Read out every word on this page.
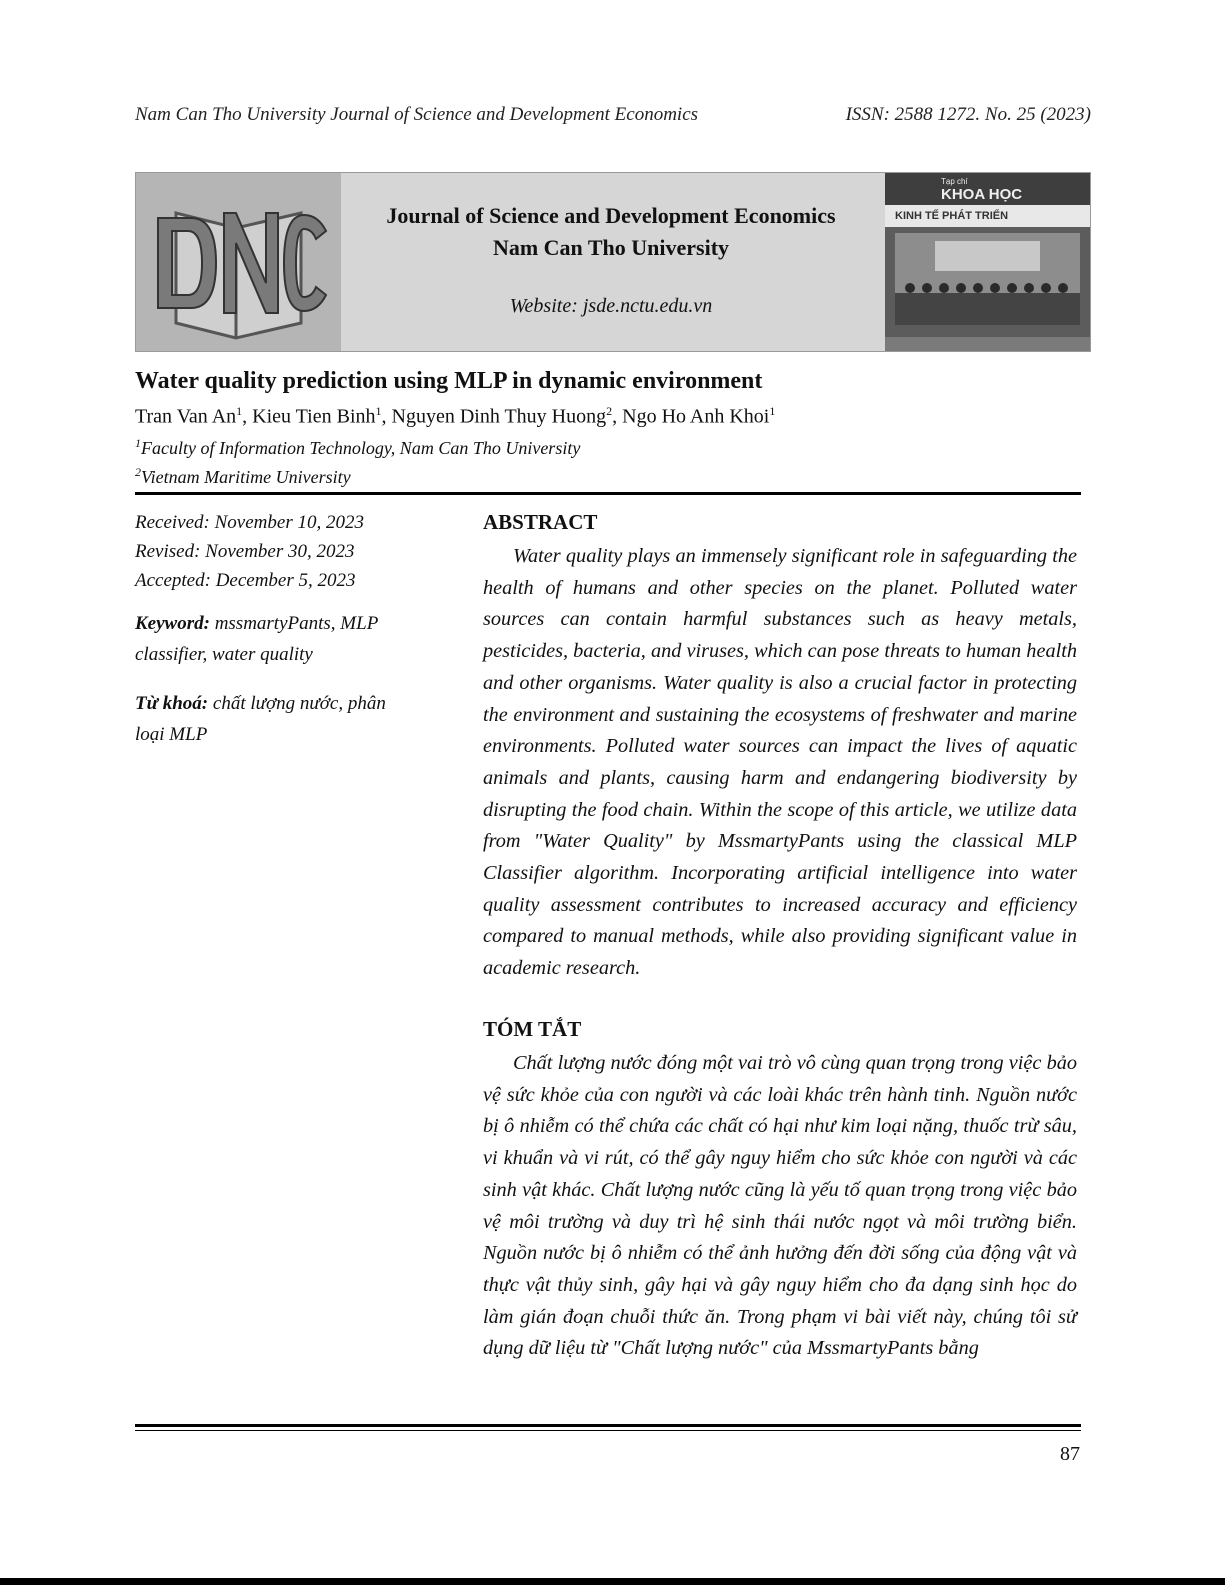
Nam Can Tho University Journal of Science and Development Economics	ISSN: 2588 1272. No. 25 (2023)
Journal of Science and Development Economics
Nam Can Tho University
Website: jsde.nctu.edu.vn
Tạp chí
KHOA HỌC
KINH TẾ PHÁT TRIỂN
Water quality prediction using MLP in dynamic environment
Tran Van An$^1$, Kieu Tien Binh$^1$, Nguyen Dinh Thuy Huong$^2$, Ngo Ho Anh Khoi$^1$
$^1$Faculty of Information Technology, Nam Can Tho University
$^2$Vietnam Maritime University
Received: November 10, 2023
Revised: November 30, 2023
Accepted: December 5, 2023
Keyword: mssmartyPants, MLP classifier, water quality
Từ khoá: chất lượng nước, phân loại MLP
ABSTRACT

Water quality plays an immensely significant role in safeguarding the health of humans and other species on the planet. Polluted water sources can contain harmful substances such as heavy metals, pesticides, bacteria, and viruses, which can pose threats to human health and other organisms. Water quality is also a crucial factor in protecting the environment and sustaining the ecosystems of freshwater and marine environments. Polluted water sources can impact the lives of aquatic animals and plants, causing harm and endangering biodiversity by disrupting the food chain. Within the scope of this article, we utilize data from "Water Quality" by MssmartyPants using the classical MLP Classifier algorithm. Incorporating artificial intelligence into water quality assessment contributes to increased accuracy and efficiency compared to manual methods, while also providing significant value in academic research.

TÓM TẮT

Chất lượng nước đóng một vai trò vô cùng quan trọng trong việc bảo vệ sức khỏe của con người và các loài khác trên hành tinh. Nguồn nước bị ô nhiễm có thể chứa các chất có hại như kim loại nặng, thuốc trừ sâu, vi khuẩn và vi rút, có thể gây nguy hiểm cho sức khỏe con người và các sinh vật khác. Chất lượng nước cũng là yếu tố quan trọng trong việc bảo vệ môi trường và duy trì hệ sinh thái nước ngọt và môi trường biển. Nguồn nước bị ô nhiễm có thể ảnh hưởng đến đời sống của động vật và thực vật thủy sinh, gây hại và gây nguy hiểm cho đa dạng sinh học do làm gián đoạn chuỗi thức ăn. Trong phạm vi bài viết này, chúng tôi sử dụng dữ liệu từ "Chất lượng nước" của MssmartyPants bằng

87
